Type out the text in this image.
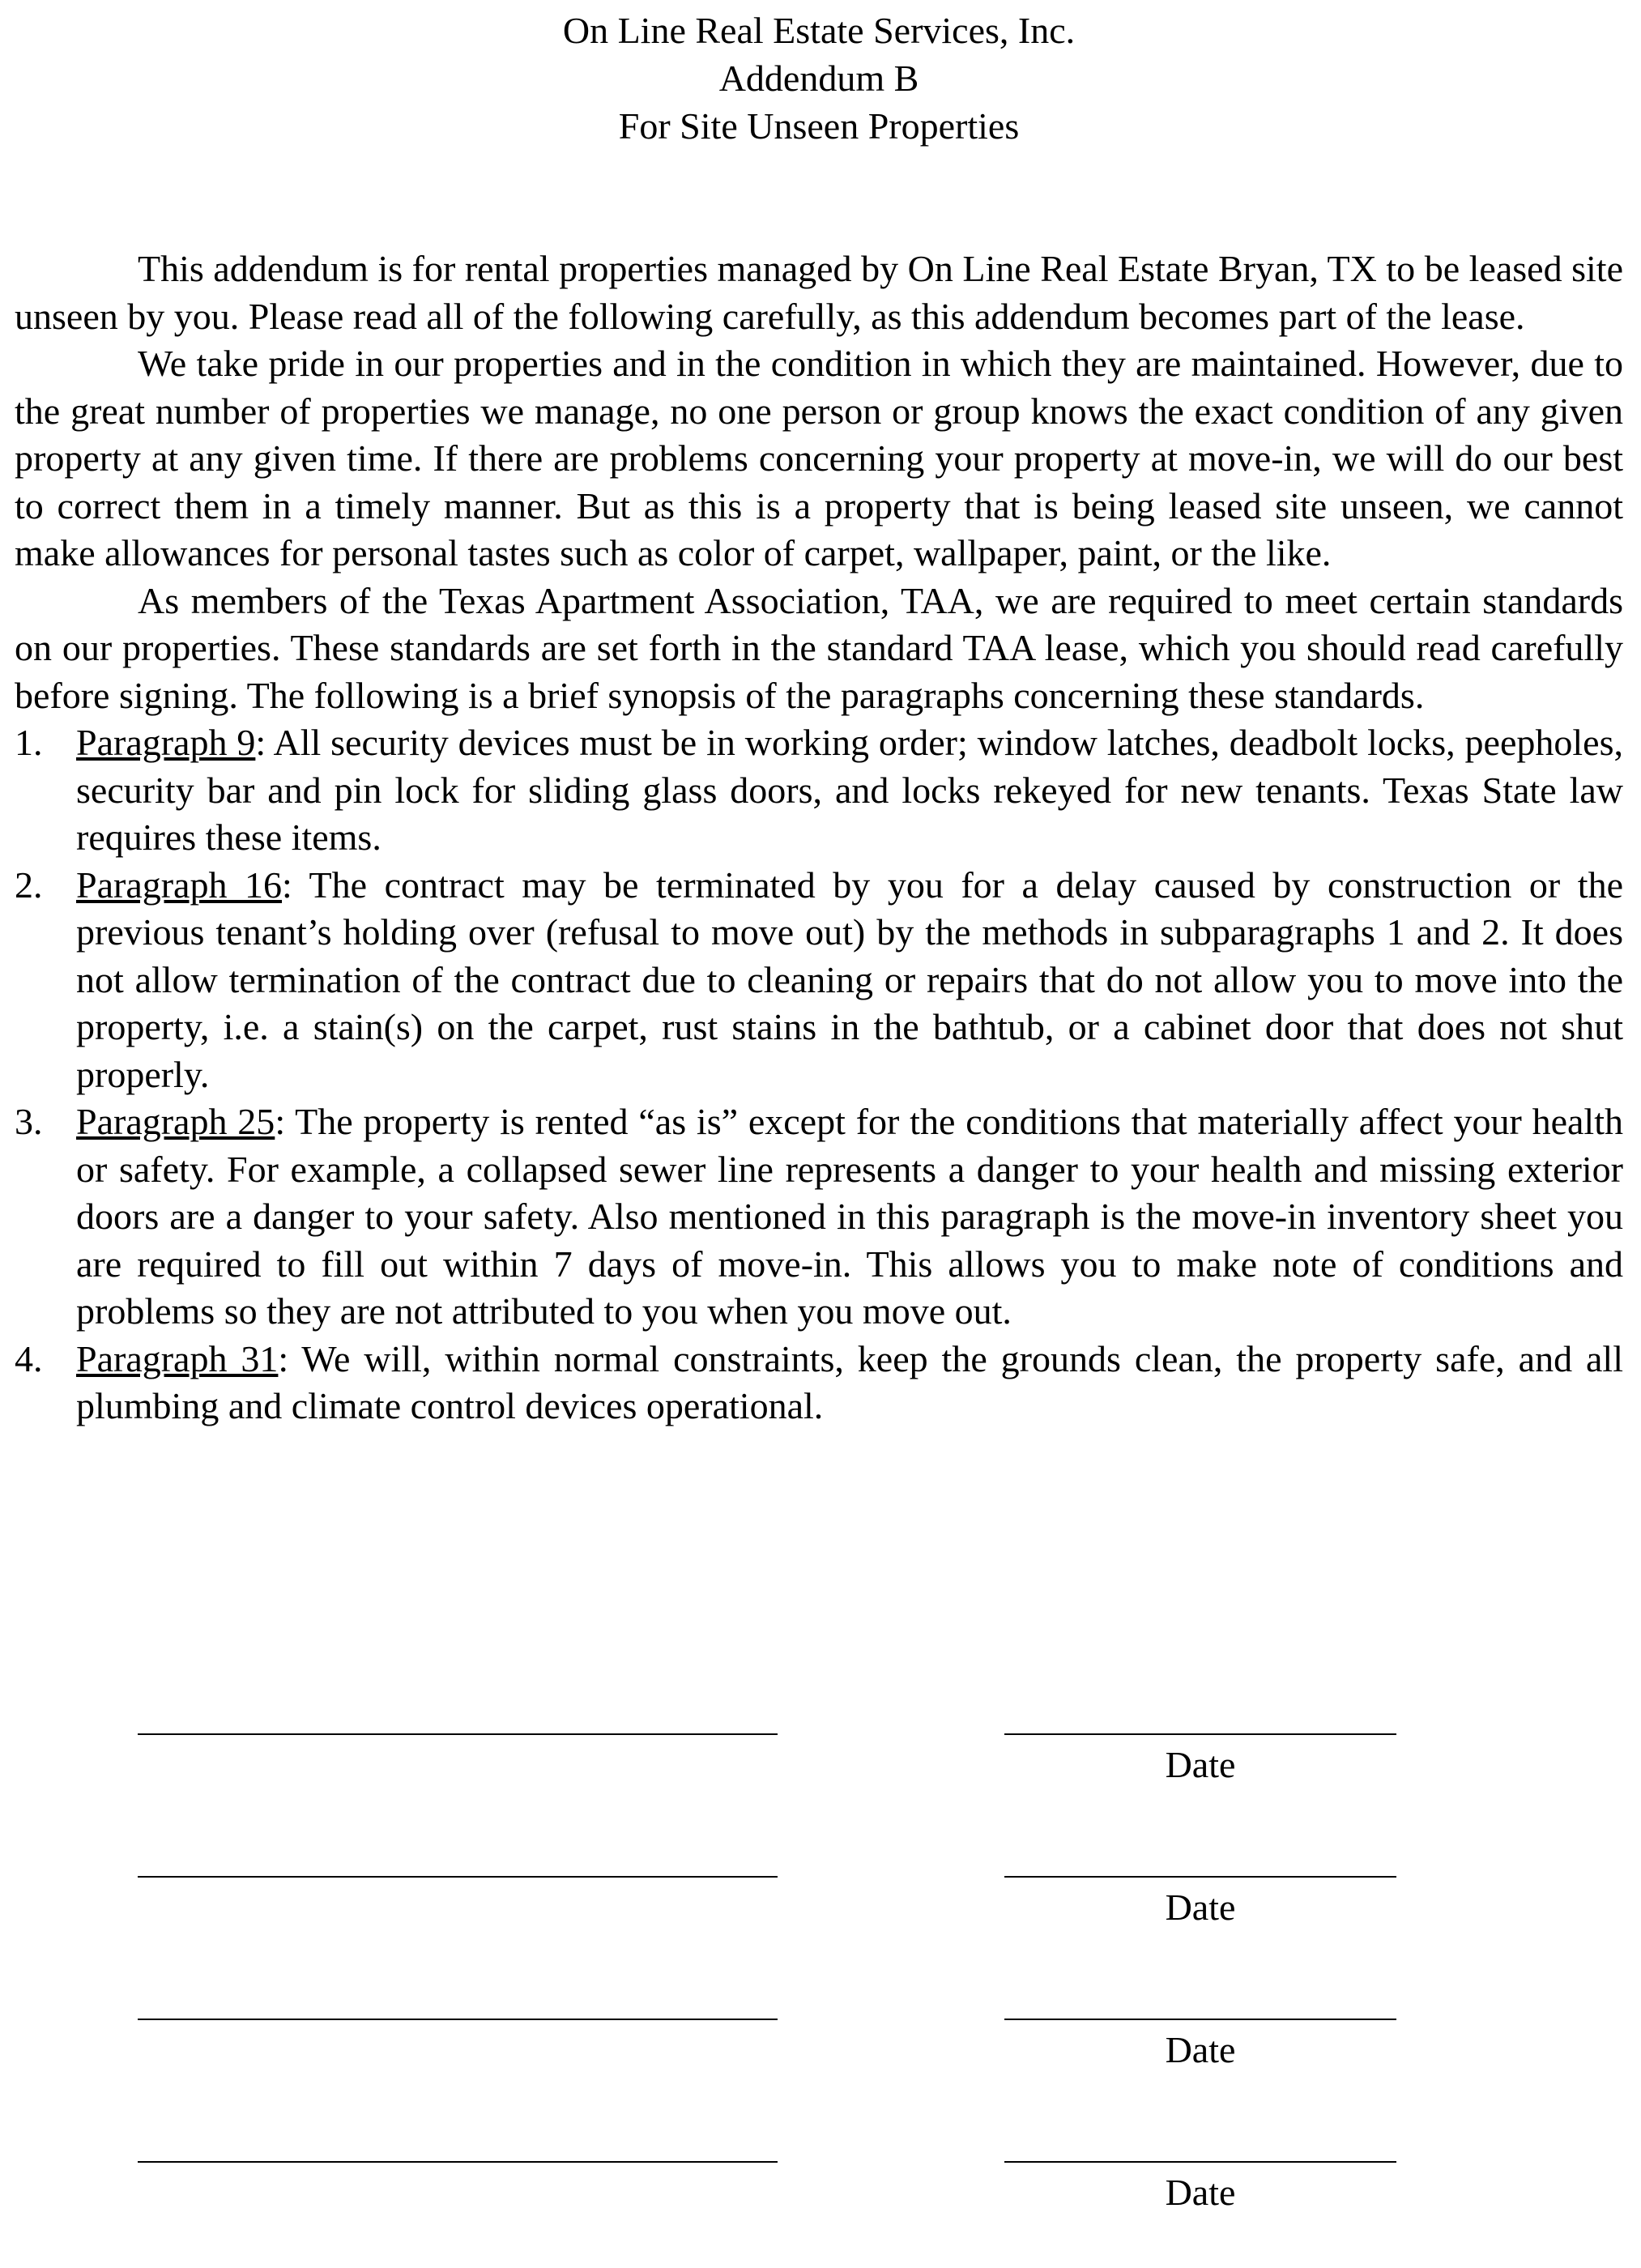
On Line Real Estate Services, Inc.
Addendum B
For Site Unseen Properties

This addendum is for rental properties managed by On Line Real Estate Bryan, TX to be leased site unseen by you. Please read all of the following carefully, as this addendum becomes part of the lease.

We take pride in our properties and in the condition in which they are maintained. However, due to the great number of properties we manage, no one person or group knows the exact condition of any given property at any given time. If there are problems concerning your property at move-in, we will do our best to correct them in a timely manner. But as this is a property that is being leased site unseen, we cannot make allowances for personal tastes such as color of carpet, wallpaper, paint, or the like.

As members of the Texas Apartment Association, TAA, we are required to meet certain standards on our properties. These standards are set forth in the standard TAA lease, which you should read carefully before signing. The following is a brief synopsis of the paragraphs concerning these standards.

1. Paragraph 9: All security devices must be in working order; window latches, deadbolt locks, peepholes, security bar and pin lock for sliding glass doors, and locks rekeyed for new tenants. Texas State law requires these items.
2. Paragraph 16: The contract may be terminated by you for a delay caused by construction or the previous tenant’s holding over (refusal to move out) by the methods in subparagraphs 1 and 2. It does not allow termination of the contract due to cleaning or repairs that do not allow you to move into the property, i.e. a stain(s) on the carpet, rust stains in the bathtub, or a cabinet door that does not shut properly.
3. Paragraph 25: The property is rented “as is” except for the conditions that materially affect your health or safety. For example, a collapsed sewer line represents a danger to your health and missing exterior doors are a danger to your safety. Also mentioned in this paragraph is the move-in inventory sheet you are required to fill out within 7 days of move-in. This allows you to make note of conditions and problems so they are not attributed to you when you move out.
4. Paragraph 31: We will, within normal constraints, keep the grounds clean, the property safe, and all plumbing and climate control devices operational.
Date
Date
Date
Date
